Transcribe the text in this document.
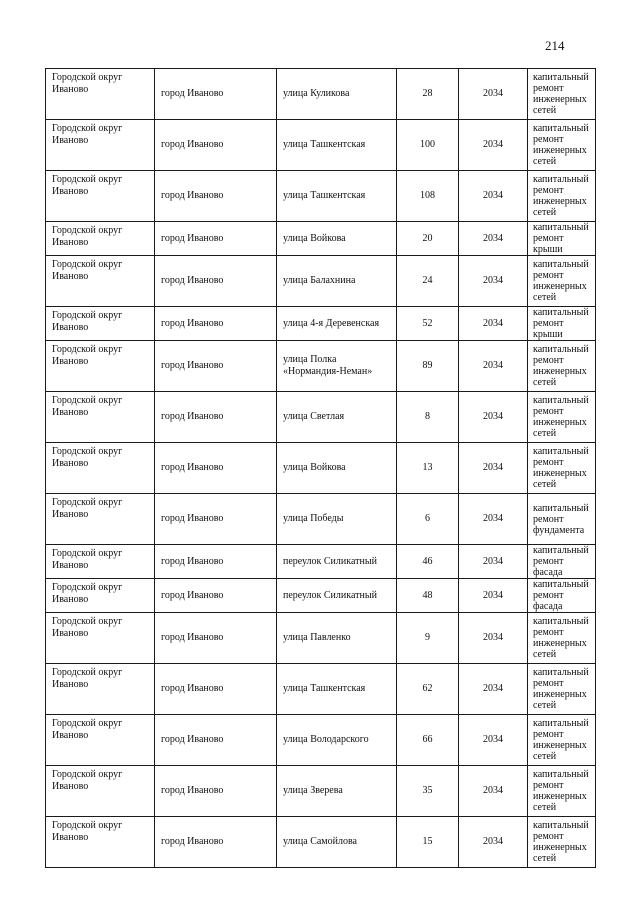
214
Городской округ Иваново	город Иваново	улица Куликова	28	2034	капитальный
ремонт
инженерных
сетей

Городской округ Иваново	город Иваново	улица Ташкентская	100	2034	капитальный
ремонт
инженерных
сетей

Городской округ Иваново	город Иваново	улица Ташкентская	108	2034	капитальный
ремонт
инженерных
сетей

Городской округ Иваново	город Иваново	улица Войкова	20	2034	капитальный
ремонт крыши

Городской округ Иваново	город Иваново	улица Балахнина	24	2034	капитальный
ремонт
инженерных
сетей

Городской округ Иваново	город Иваново	улица 4-я Деревенская	52	2034	капитальный
ремонт крыши

Городской округ Иваново	город Иваново	улица Полка «Нормандия-Неман»	89	2034	капитальный
ремонт
инженерных
сетей

Городской округ Иваново	город Иваново	улица Светлая	8	2034	капитальный
ремонт
инженерных
сетей

Городской округ Иваново	город Иваново	улица Войкова	13	2034	капитальный
ремонт
инженерных
сетей

Городской округ Иваново	город Иваново	улица Победы	6	2034	капитальный
ремонт
фундамента

Городской округ Иваново	город Иваново	переулок Силикатный	46	2034	капитальный
ремонт фасада

Городской округ Иваново	город Иваново	переулок Силикатный	48	2034	капитальный
ремонт фасада

Городской округ Иваново	город Иваново	улица Павленко	9	2034	капитальный
ремонт
инженерных
сетей

Городской округ Иваново	город Иваново	улица Ташкентская	62	2034	капитальный
ремонт
инженерных
сетей

Городской округ Иваново	город Иваново	улица Володарского	66	2034	капитальный
ремонт
инженерных
сетей

Городской округ Иваново	город Иваново	улица Зверева	35	2034	капитальный
ремонт
инженерных
сетей

Городской округ Иваново	город Иваново	улица Самойлова	15	2034	капитальный
ремонт
инженерных
сетей
